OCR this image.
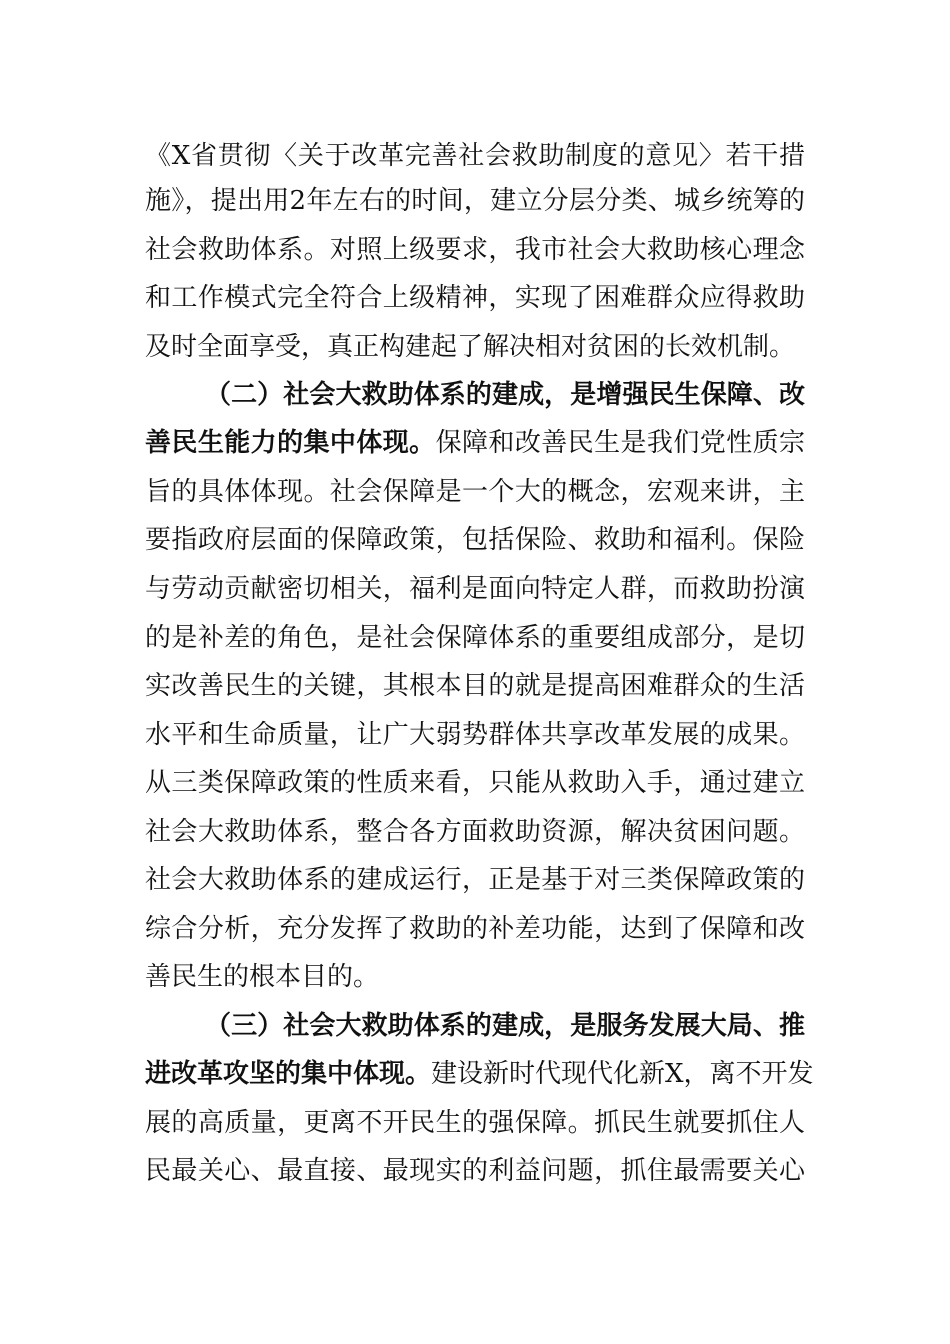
《X省贯彻〈关于改革完善社会救助制度的意见〉若干措
施》，提出用2年左右的时间，建立分层分类、城乡统筹的
社会救助体系。对照上级要求，我市社会大救助核心理念
和工作模式完全符合上级精神，实现了困难群众应得救助
及时全面享受，真正构建起了解决相对贫困的长效机制。
（二）社会大救助体系的建成，是增强民生保障、改
善民生能力的集中体现。保障和改善民生是我们党性质宗
旨的具体体现。社会保障是一个大的概念，宏观来讲，主
要指政府层面的保障政策，包括保险、救助和福利。保险
与劳动贡献密切相关，福利是面向特定人群，而救助扮演
的是补差的角色，是社会保障体系的重要组成部分，是切
实改善民生的关键，其根本目的就是提高困难群众的生活
水平和生命质量，让广大弱势群体共享改革发展的成果。
从三类保障政策的性质来看，只能从救助入手，通过建立
社会大救助体系，整合各方面救助资源，解决贫困问题。
社会大救助体系的建成运行，正是基于对三类保障政策的
综合分析，充分发挥了救助的补差功能，达到了保障和改
善民生的根本目的。
（三）社会大救助体系的建成，是服务发展大局、推
进改革攻坚的集中体现。建设新时代现代化新X，离不开发
展的高质量，更离不开民生的强保障。抓民生就要抓住人
民最关心、最直接、最现实的利益问题，抓住最需要关心
